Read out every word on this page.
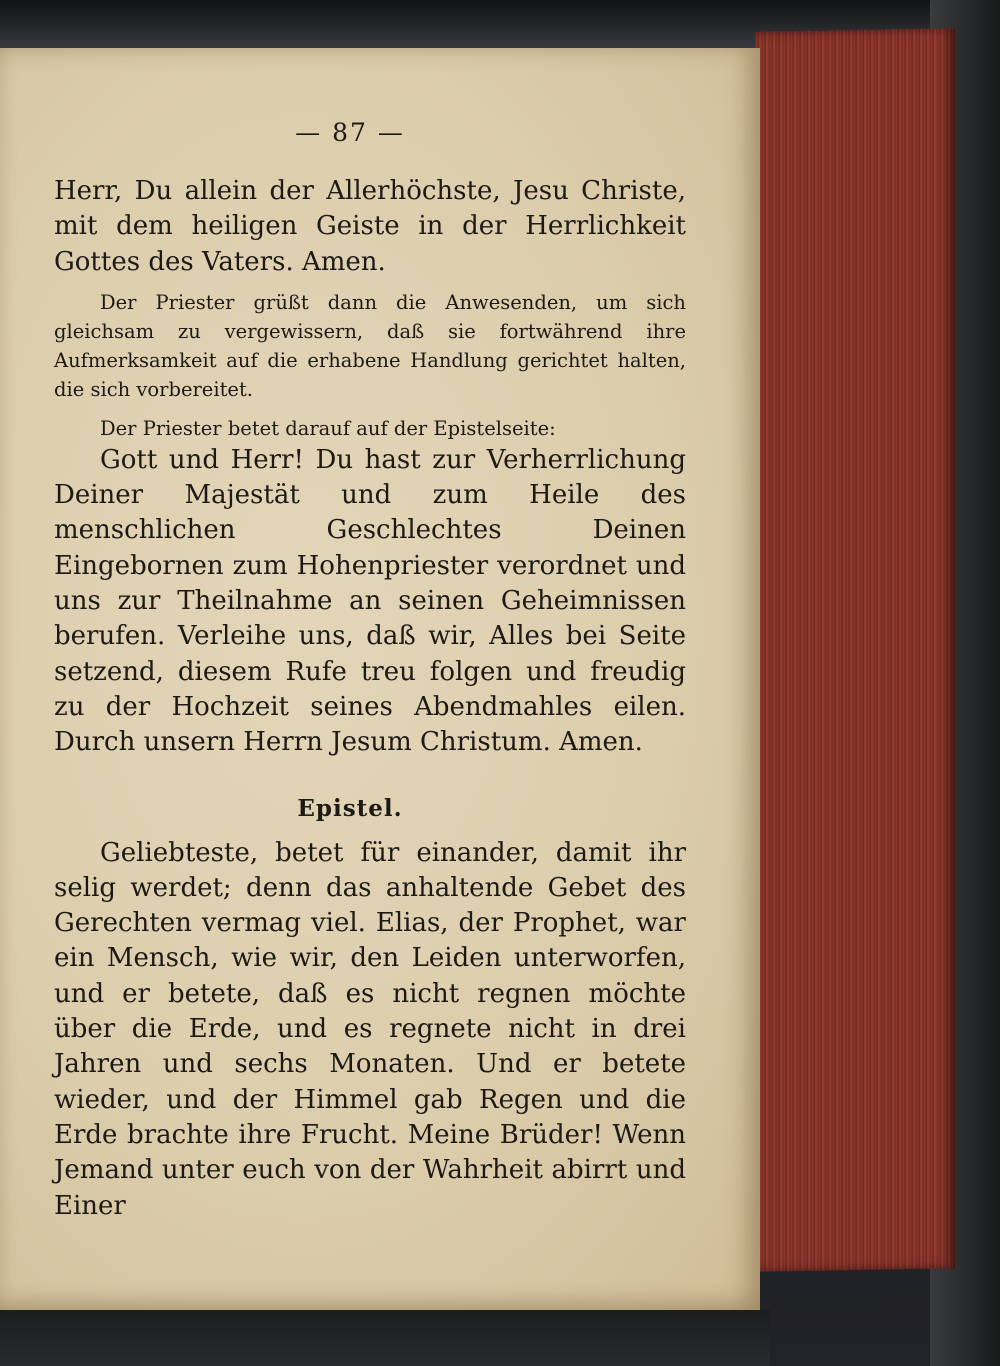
— 87 —

Herr, Du allein der Allerhöchste, Jesu Christe, mit dem heiligen Geiste in der Herrlichkeit Gottes des Vaters. Amen.

Der Priester grüßt dann die Anwesenden, um sich gleichsam zu vergewissern, daß sie fortwährend ihre Aufmerksamkeit auf die erhabene Handlung gerichtet halten, die sich vorbereitet.

Der Priester betet darauf auf der Epistelseite:

Gott und Herr! Du hast zur Verherrlichung Deiner Majestät und zum Heile des menschlichen Geschlechtes Deinen Eingebornen zum Hohenpriester verordnet und uns zur Theilnahme an seinen Geheimnissen berufen. Verleihe uns, daß wir, Alles bei Seite setzend, diesem Rufe treu folgen und freudig zu der Hochzeit seines Abendmahles eilen. Durch unsern Herrn Jesum Christum. Amen.

Epistel.

Geliebteste, betet für einander, damit ihr selig werdet; denn das anhaltende Gebet des Gerechten vermag viel. Elias, der Prophet, war ein Mensch, wie wir, den Leiden unterworfen, und er betete, daß es nicht regnen möchte über die Erde, und es regnete nicht in drei Jahren und sechs Monaten. Und er betete wieder, und der Himmel gab Regen und die Erde brachte ihre Frucht. Meine Brüder! Wenn Jemand unter euch von der Wahrheit abirrt und Einer
